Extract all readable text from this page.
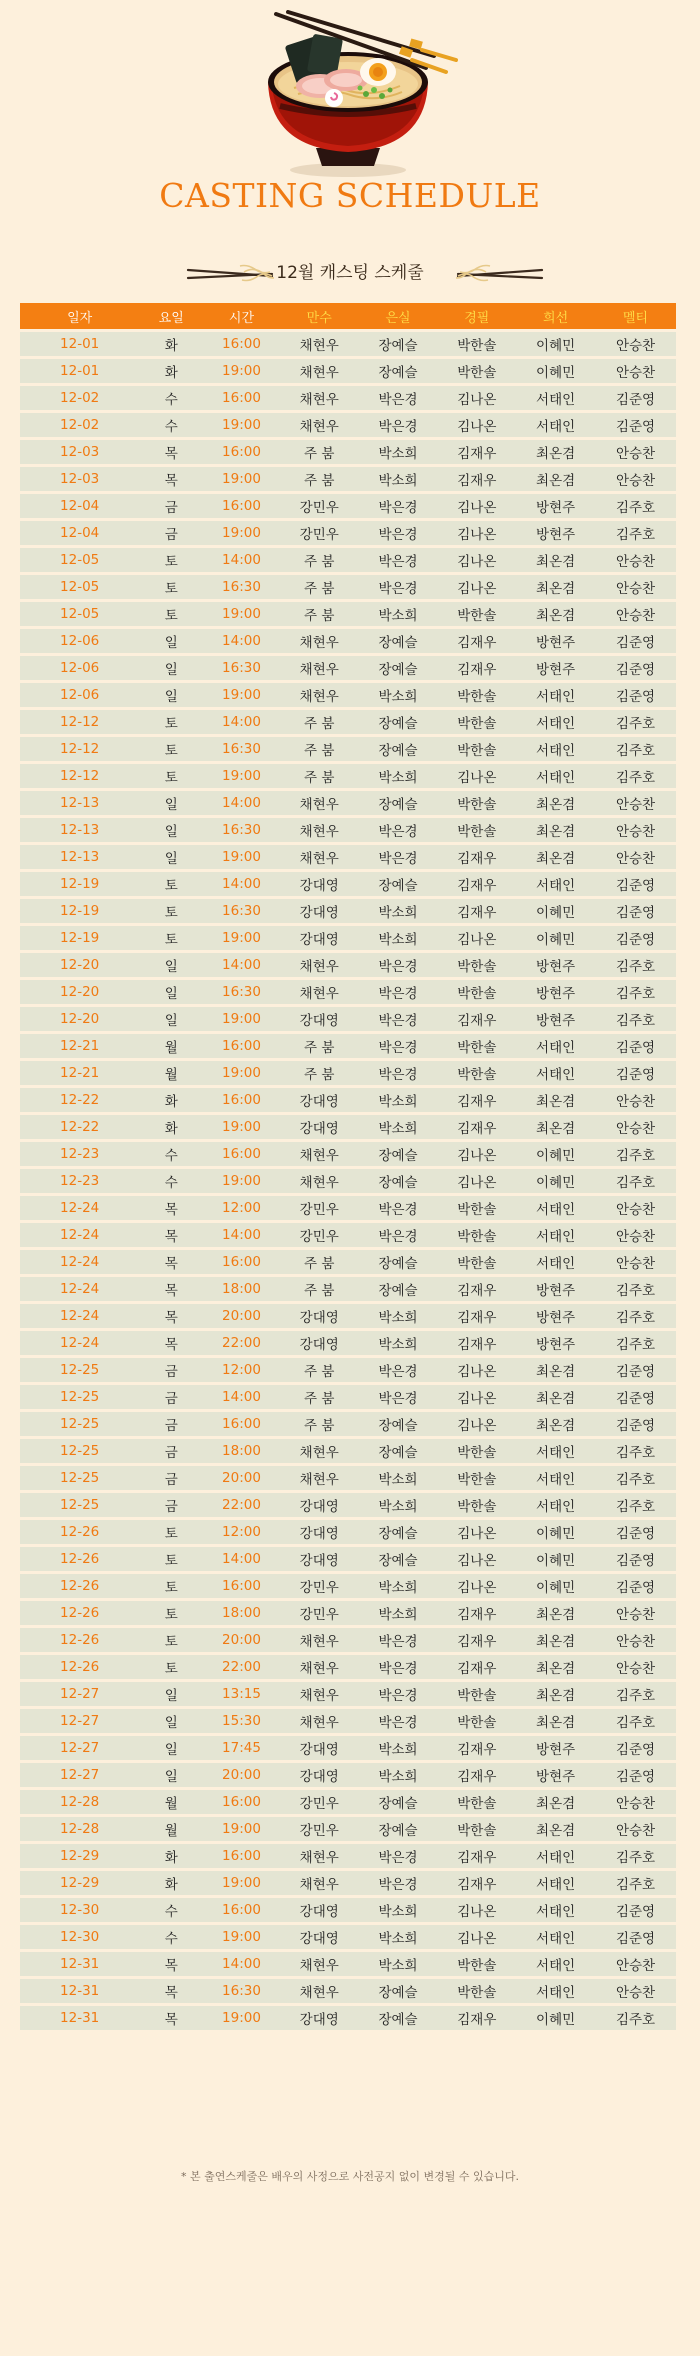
CASTING SCHEDULE
12월 캐스팅 스케줄
일자	요일	시간	만수	은실	경필	희선	멜티
12-01	화	16:00	채현우	장예슬	박한솔	이혜민	안승찬
12-01	화	19:00	채현우	장예슬	박한솔	이혜민	안승찬
12-02	수	16:00	채현우	박은경	김나온	서태인	김준영
12-02	수	19:00	채현우	박은경	김나온	서태인	김준영
12-03	목	16:00	주 붐	박소희	김재우	최온겸	안승찬
12-03	목	19:00	주 붐	박소희	김재우	최온겸	안승찬
12-04	금	16:00	강민우	박은경	김나온	방현주	김주호
12-04	금	19:00	강민우	박은경	김나온	방현주	김주호
12-05	토	14:00	주 붐	박은경	김나온	최온겸	안승찬
12-05	토	16:30	주 붐	박은경	김나온	최온겸	안승찬
12-05	토	19:00	주 붐	박소희	박한솔	최온겸	안승찬
12-06	일	14:00	채현우	장예슬	김재우	방현주	김준영
12-06	일	16:30	채현우	장예슬	김재우	방현주	김준영
12-06	일	19:00	채현우	박소희	박한솔	서태인	김준영
12-12	토	14:00	주 붐	장예슬	박한솔	서태인	김주호
12-12	토	16:30	주 붐	장예슬	박한솔	서태인	김주호
12-12	토	19:00	주 붐	박소희	김나온	서태인	김주호
12-13	일	14:00	채현우	장예슬	박한솔	최온겸	안승찬
12-13	일	16:30	채현우	박은경	박한솔	최온겸	안승찬
12-13	일	19:00	채현우	박은경	김재우	최온겸	안승찬
12-19	토	14:00	강대영	장예슬	김재우	서태인	김준영
12-19	토	16:30	강대영	박소희	김재우	이혜민	김준영
12-19	토	19:00	강대영	박소희	김나온	이혜민	김준영
12-20	일	14:00	채현우	박은경	박한솔	방현주	김주호
12-20	일	16:30	채현우	박은경	박한솔	방현주	김주호
12-20	일	19:00	강대영	박은경	김재우	방현주	김주호
12-21	월	16:00	주 붐	박은경	박한솔	서태인	김준영
12-21	월	19:00	주 붐	박은경	박한솔	서태인	김준영
12-22	화	16:00	강대영	박소희	김재우	최온겸	안승찬
12-22	화	19:00	강대영	박소희	김재우	최온겸	안승찬
12-23	수	16:00	채현우	장예슬	김나온	이혜민	김주호
12-23	수	19:00	채현우	장예슬	김나온	이혜민	김주호
12-24	목	12:00	강민우	박은경	박한솔	서태인	안승찬
12-24	목	14:00	강민우	박은경	박한솔	서태인	안승찬
12-24	목	16:00	주 붐	장예슬	박한솔	서태인	안승찬
12-24	목	18:00	주 붐	장예슬	김재우	방현주	김주호
12-24	목	20:00	강대영	박소희	김재우	방현주	김주호
12-24	목	22:00	강대영	박소희	김재우	방현주	김주호
12-25	금	12:00	주 붐	박은경	김나온	최온겸	김준영
12-25	금	14:00	주 붐	박은경	김나온	최온겸	김준영
12-25	금	16:00	주 붐	장예슬	김나온	최온겸	김준영
12-25	금	18:00	채현우	장예슬	박한솔	서태인	김주호
12-25	금	20:00	채현우	박소희	박한솔	서태인	김주호
12-25	금	22:00	강대영	박소희	박한솔	서태인	김주호
12-26	토	12:00	강대영	장예슬	김나온	이혜민	김준영
12-26	토	14:00	강대영	장예슬	김나온	이혜민	김준영
12-26	토	16:00	강민우	박소희	김나온	이혜민	김준영
12-26	토	18:00	강민우	박소희	김재우	최온겸	안승찬
12-26	토	20:00	채현우	박은경	김재우	최온겸	안승찬
12-26	토	22:00	채현우	박은경	김재우	최온겸	안승찬
12-27	일	13:15	채현우	박은경	박한솔	최온겸	김주호
12-27	일	15:30	채현우	박은경	박한솔	최온겸	김주호
12-27	일	17:45	강대영	박소희	김재우	방현주	김준영
12-27	일	20:00	강대영	박소희	김재우	방현주	김준영
12-28	월	16:00	강민우	장예슬	박한솔	최온겸	안승찬
12-28	월	19:00	강민우	장예슬	박한솔	최온겸	안승찬
12-29	화	16:00	채현우	박은경	김재우	서태인	김주호
12-29	화	19:00	채현우	박은경	김재우	서태인	김주호
12-30	수	16:00	강대영	박소희	김나온	서태인	김준영
12-30	수	19:00	강대영	박소희	김나온	서태인	김준영
12-31	목	14:00	채현우	박소희	박한솔	서태인	안승찬
12-31	목	16:30	채현우	장예슬	박한솔	서태인	안승찬
12-31	목	19:00	강대영	장예슬	김재우	이혜민	김주호
* 본 출연스케줄은 배우의 사정으로 사전공지 없이 변경될 수 있습니다.
